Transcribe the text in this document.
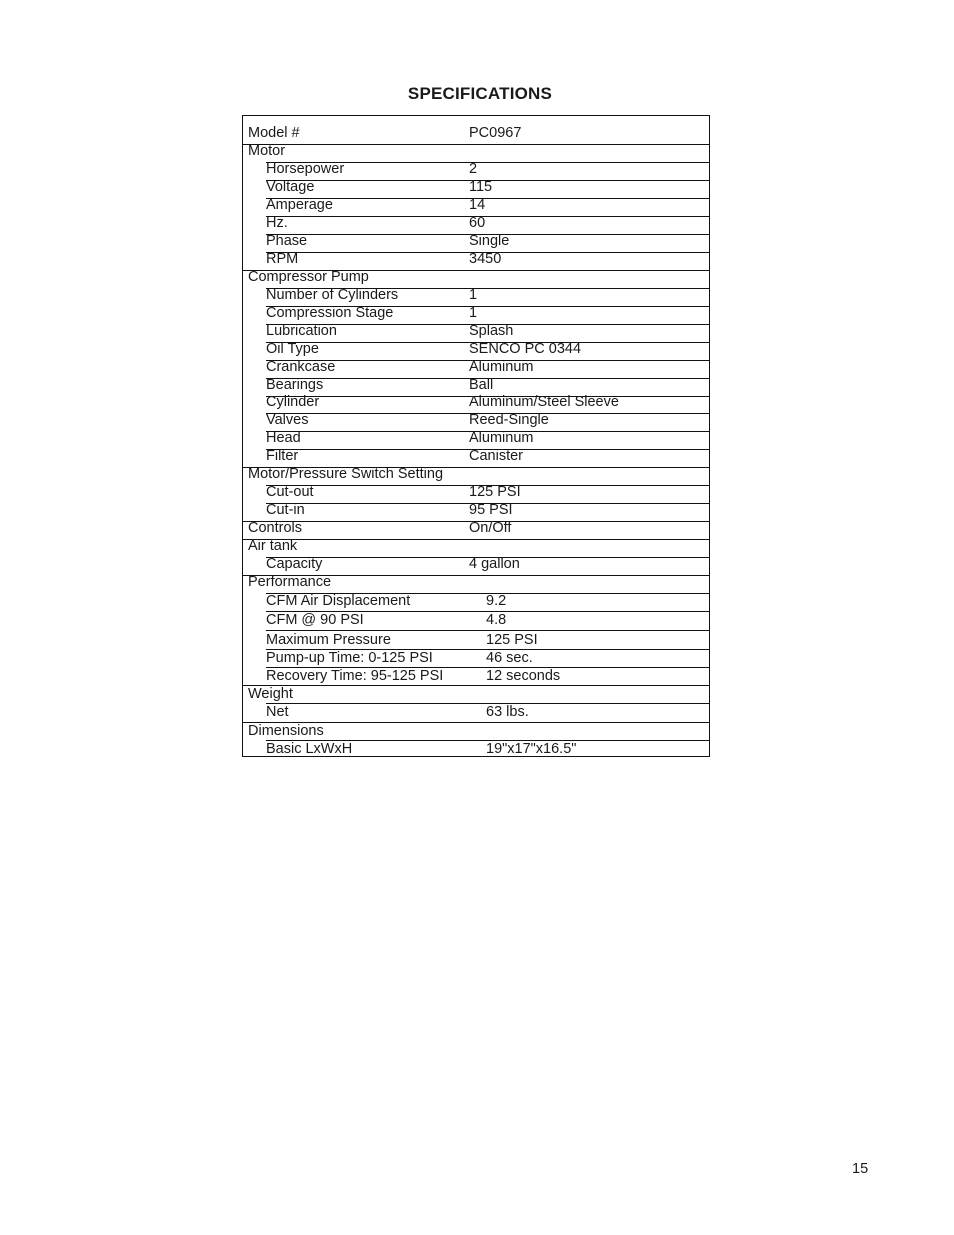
SPECIFICATIONS
Model #	PC0967
Motor
Horsepower	2
Voltage	115
Amperage	14
Hz.	60
Phase	Single
RPM	3450
Compressor Pump
Number of Cylinders	1
Compression Stage	1
Lubrication	Splash
Oil Type	SENCO PC 0344
Crankcase	Aluminum
Bearings	Ball
Cylinder	Aluminum/Steel Sleeve
Valves	Reed-Single
Head	Aluminum
Filter	Canister
Motor/Pressure Switch Setting
Cut-out	125 PSI
Cut-in	95 PSI
Controls	On/Off
Air tank
Capacity	4 gallon
Performance
CFM Air Displacement	9.2
CFM @ 90 PSI	4.8
Maximum Pressure	125 PSI
Pump-up Time: 0-125 PSI	46 sec.
Recovery Time: 95-125 PSI	12 seconds
Weight
Net	63 lbs.
Dimensions
Basic LxWxH	19"x17"x16.5"
15
